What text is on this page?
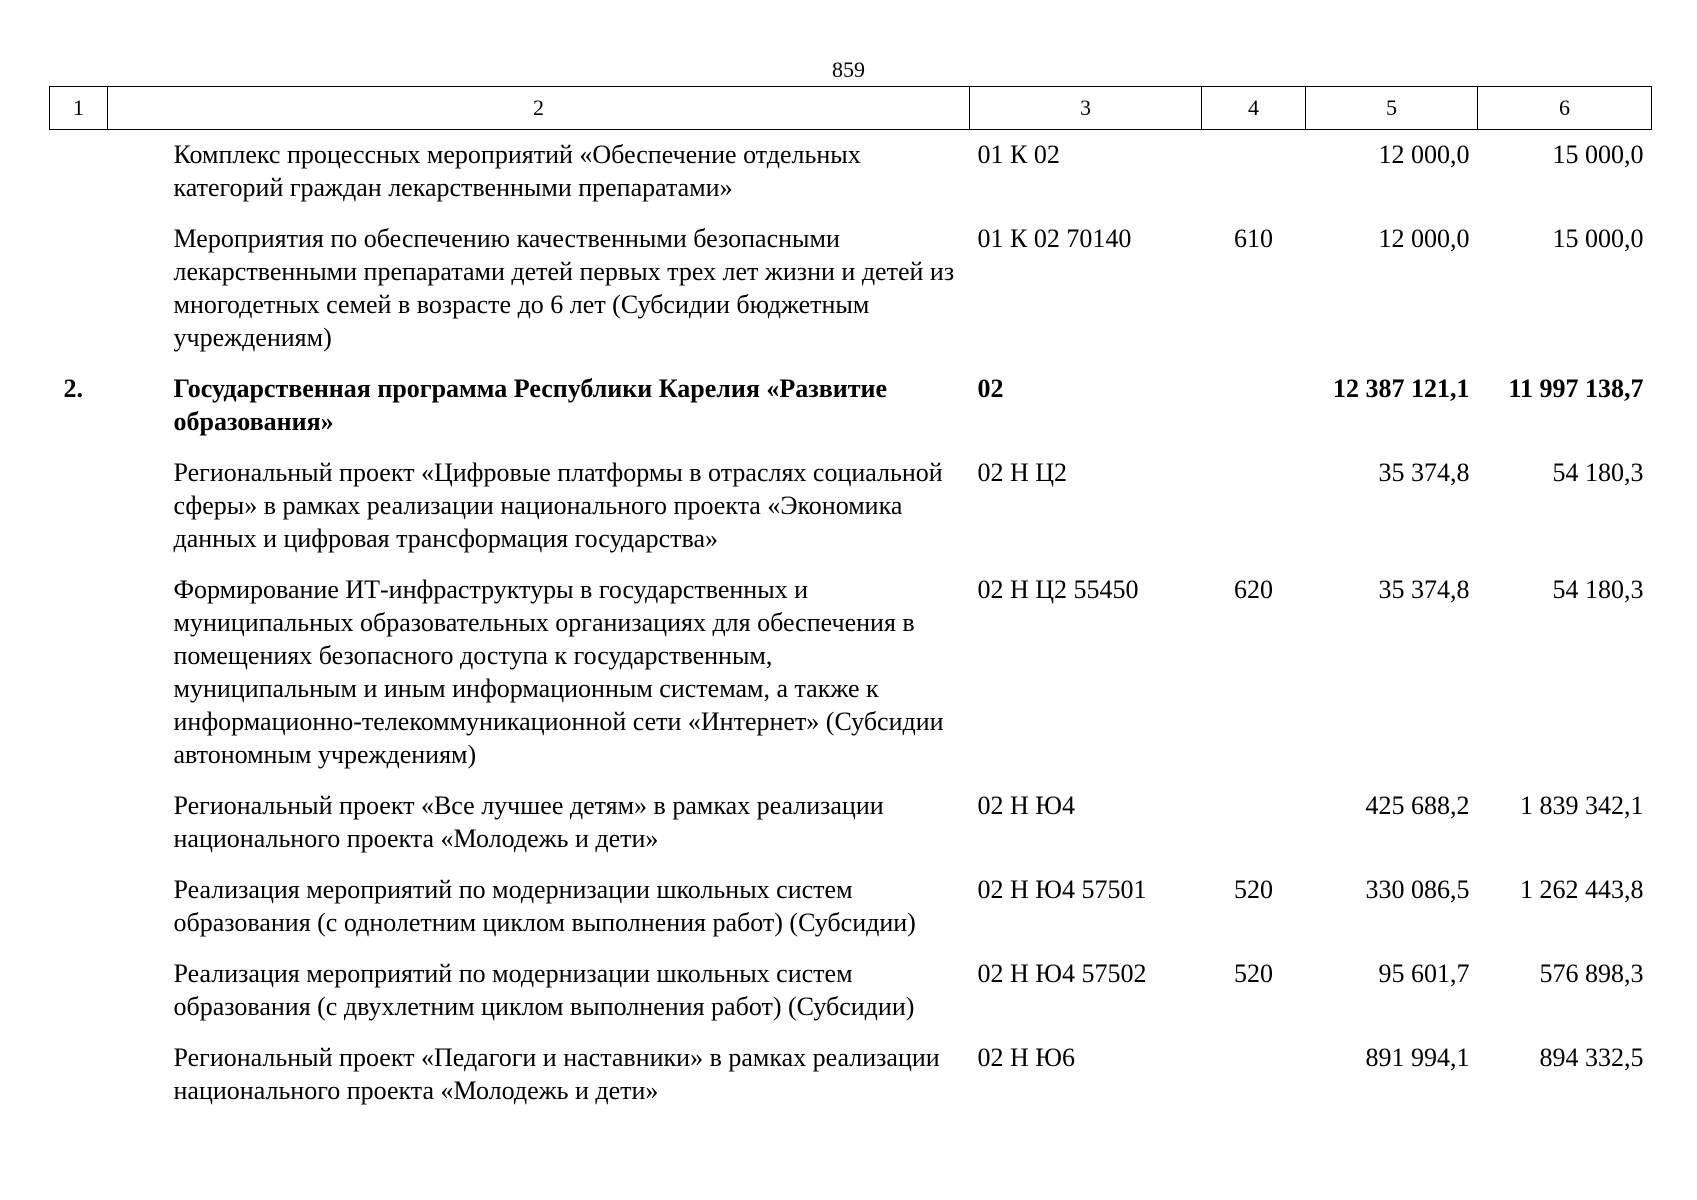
859
1	2	3	4	5	6
	Комплекс процессных мероприятий «Обеспечение отдельных категорий граждан лекарственными препаратами»	01 К 02		12 000,0	15 000,0
	Мероприятия по обеспечению качественными безопасными лекарственными препаратами детей первых трех лет жизни и детей из многодетных семей в возрасте до 6 лет (Субсидии бюджетным учреждениям)	01 К 02 70140	610	12 000,0	15 000,0
2.	Государственная программа Республики Карелия «Развитие образования»	02		12 387 121,1	11 997 138,7
	Региональный проект «Цифровые платформы в отраслях социальной сферы» в рамках реализации национального проекта «Экономика данных и цифровая трансформация государства»	02 Н Ц2		35 374,8	54 180,3
	Формирование ИТ-инфраструктуры в государственных и муниципальных образовательных организациях для обеспечения в помещениях безопасного доступа к государственным, муниципальным и иным информационным системам, а также к информационно-телекоммуникационной сети «Интернет» (Субсидии автономным учреждениям)	02 Н Ц2 55450	620	35 374,8	54 180,3
	Региональный проект «Все лучшее детям» в рамках реализации национального проекта «Молодежь и дети»	02 Н Ю4		425 688,2	1 839 342,1
	Реализация мероприятий по модернизации школьных систем образования (с однолетним циклом выполнения работ) (Субсидии)	02 Н Ю4 57501	520	330 086,5	1 262 443,8
	Реализация мероприятий по модернизации школьных систем образования (с двухлетним циклом выполнения работ) (Субсидии)	02 Н Ю4 57502	520	95 601,7	576 898,3
	Региональный проект «Педагоги и наставники» в рамках реализации национального проекта «Молодежь и дети»	02 Н Ю6		891 994,1	894 332,5
